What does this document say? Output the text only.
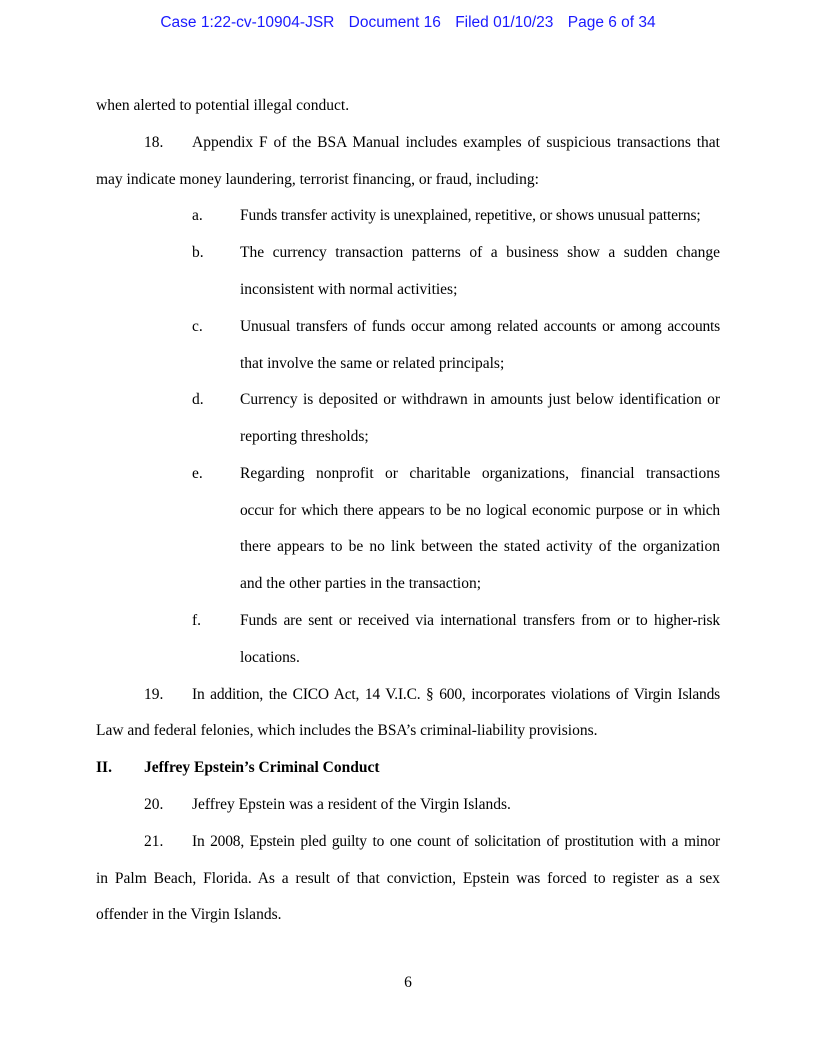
Case 1:22-cv-10904-JSR Document 16 Filed 01/10/23 Page 6 of 34
when alerted to potential illegal conduct.
18. Appendix F of the BSA Manual includes examples of suspicious transactions that
may indicate money laundering, terrorist financing, or fraud, including:
a. Funds transfer activity is unexplained, repetitive, or shows unusual patterns;
b. The currency transaction patterns of a business show a sudden change
inconsistent with normal activities;
c. Unusual transfers of funds occur among related accounts or among accounts
that involve the same or related principals;
d. Currency is deposited or withdrawn in amounts just below identification or
reporting thresholds;
e. Regarding nonprofit or charitable organizations, financial transactions
occur for which there appears to be no logical economic purpose or in which
there appears to be no link between the stated activity of the organization
and the other parties in the transaction;
f.	Funds are sent or received via international transfers from or to higher-risk
locations.
19. In addition, the CICO Act, 14 V.I.C. § 600, incorporates violations of Virgin Islands
Law and federal felonies, which includes the BSA’s criminal-liability provisions.
II. Jeffrey Epstein’s Criminal Conduct
20. Jeffrey Epstein was a resident of the Virgin Islands.
21. In 2008, Epstein pled guilty to one count of solicitation of prostitution with a minor
in Palm Beach, Florida. As a result of that conviction, Epstein was forced to register as a sex
offender in the Virgin Islands.
6
